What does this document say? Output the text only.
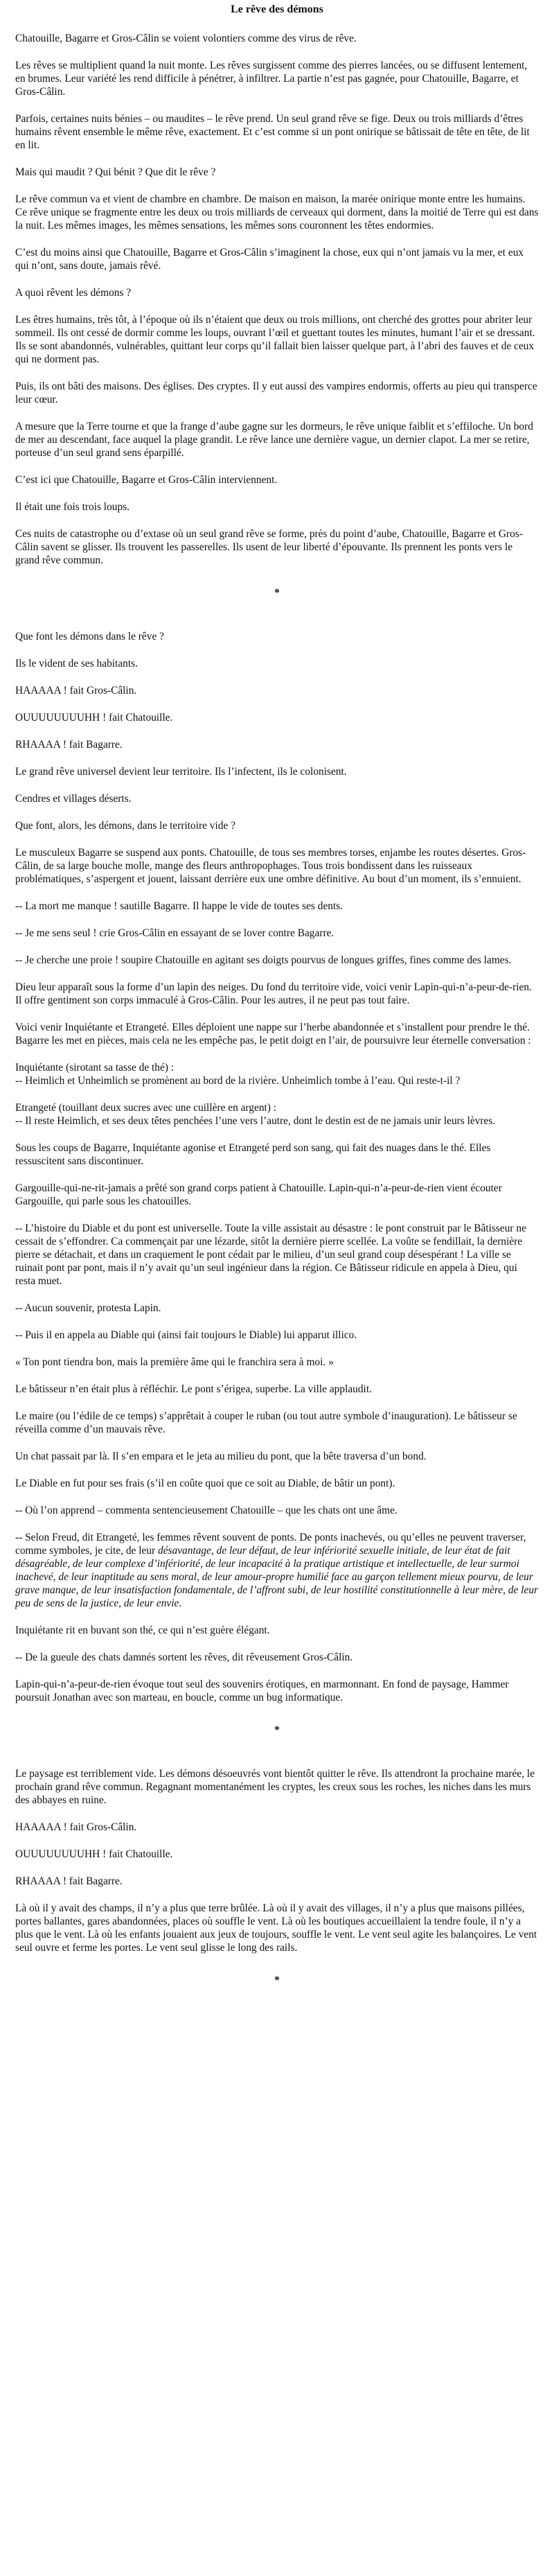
Le rêve des démons

Chatouille, Bagarre et Gros-Câlin se voient volontiers comme des virus de rêve.

Les rêves se multiplient quand la nuit monte. Les rêves surgissent comme des pierres lancées, ou se diffusent lentement, en brumes. Leur variété les rend difficile à pénétrer, à infiltrer. La partie n’est pas gagnée, pour Chatouille, Bagarre, et Gros-Câlin.

Parfois, certaines nuits bénies – ou maudites – le rêve prend. Un seul grand rêve se fige. Deux ou trois milliards d’êtres humains rêvent ensemble le même rêve, exactement. Et c’est comme si un pont onirique se bâtissait de tête en tête, de lit en lit.

Mais qui maudit ? Qui bénit ? Que dit le rêve ?

Le rêve commun va et vient de chambre en chambre. De maison en maison, la marée onirique monte entre les humains. Ce rêve unique se fragmente entre les deux ou trois milliards de cerveaux qui dorment, dans la moitié de Terre qui est dans la nuit. Les mêmes images, les mêmes sensations, les mêmes sons couronnent les têtes endormies.

C’est du moins ainsi que Chatouille, Bagarre et Gros-Câlin s’imaginent la chose, eux qui n’ont jamais vu la mer, et eux qui n’ont, sans doute, jamais rêvé.

A quoi rêvent les démons ?

Les êtres humains, très tôt, à l’époque où ils n’étaient que deux ou trois millions, ont cherché des grottes pour abriter leur sommeil. Ils ont cessé de dormir comme les loups, ouvrant l’œil et guettant toutes les minutes, humant l’air et se dressant. Ils se sont abandonnés, vulnérables, quittant leur corps qu’il fallait bien laisser quelque part, à l’abri des fauves et de ceux qui ne dorment pas.

Puis, ils ont bâti des maisons. Des églises. Des cryptes. Il y eut aussi des vampires endormis, offerts au pieu qui transperce leur cœur.

A mesure que la Terre tourne et que la frange d’aube gagne sur les dormeurs, le rêve unique faiblit et s’effiloche. Un bord de mer au descendant, face auquel la plage grandit. Le rêve lance une dernière vague, un dernier clapot. La mer se retire, porteuse d’un seul grand sens éparpillé.

C’est ici que Chatouille, Bagarre et Gros-Câlin interviennent.

Il était une fois trois loups.

Ces nuits de catastrophe ou d’extase où un seul grand rêve se forme, près du point d’aube, Chatouille, Bagarre et Gros-Câlin savent se glisser. Ils trouvent les passerelles. Ils usent de leur liberté d’épouvante. Ils prennent les ponts vers le grand rêve commun.

*

Que font les démons dans le rêve ?

Ils le vident de ses habitants.

HAAAAA ! fait Gros-Câlin.

OUUUUUUUUHH ! fait Chatouille.

RHAAAA ! fait Bagarre.

Le grand rêve universel devient leur territoire. Ils l’infectent, ils le colonisent.

Cendres et villages déserts.

Que font, alors, les démons, dans le territoire vide ?

Le musculeux Bagarre se suspend aux ponts. Chatouille, de tous ses membres torses, enjambe les routes désertes. Gros-Câlin, de sa large bouche molle, mange des fleurs anthropophages. Tous trois bondissent dans les ruisseaux problématiques, s’aspergent et jouent, laissant derrière eux une ombre définitive. Au bout d’un moment, ils s’ennuient.

-- La mort me manque ! sautille Bagarre. Il happe le vide de toutes ses dents.

-- Je me sens seul ! crie Gros-Câlin en essayant de se lover contre Bagarre.

-- Je cherche une proie ! soupire Chatouille en agitant ses doigts pourvus de longues griffes, fines comme des lames.

Dieu leur apparaît sous la forme d’un lapin des neiges. Du fond du territoire vide, voici venir Lapin-qui-n’a-peur-de-rien. Il offre gentiment son corps immaculé à Gros-Câlin. Pour les autres, il ne peut pas tout faire.

Voici venir Inquiétante et Etrangeté. Elles déploient une nappe sur l’herbe abandonnée et s’installent pour prendre le thé. Bagarre les met en pièces, mais cela ne les empêche pas, le petit doigt en l’air, de poursuivre leur éternelle conversation :

Inquiétante (sirotant sa tasse de thé) :
-- Heimlich et Unheimlich se promènent au bord de la rivière. Unheimlich tombe à l’eau. Qui reste-t-il ?

Etrangeté (touillant deux sucres avec une cuillère en argent) :
-- Il reste Heimlich, et ses deux têtes penchées l’une vers l’autre, dont le destin est de ne jamais unir leurs lèvres.

Sous les coups de Bagarre, Inquiétante agonise et Etrangeté perd son sang, qui fait des nuages dans le thé. Elles ressuscitent sans discontinuer.

Gargouille-qui-ne-rit-jamais a prêté son grand corps patient à Chatouille. Lapin-qui-n’a-peur-de-rien vient écouter Gargouille, qui parle sous les chatouilles.

-- L’histoire du Diable et du pont est universelle. Toute la ville assistait au désastre : le pont construit par le Bâtisseur ne cessait de s’effondrer. Ca commençait par une lézarde, sitôt la dernière pierre scellée. La voûte se fendillait, la dernière pierre se détachait, et dans un craquement le pont cédait par le milieu, d’un seul grand coup désespérant ! La ville se ruinait pont par pont, mais il n’y avait qu’un seul ingénieur dans la région. Ce Bâtisseur ridicule en appela à Dieu, qui resta muet.

-- Aucun souvenir, protesta Lapin.

-- Puis il en appela au Diable qui (ainsi fait toujours le Diable) lui apparut illico.

« Ton pont tiendra bon, mais la première âme qui le franchira sera à moi. »

Le bâtisseur n’en était plus à réfléchir. Le pont s’érigea, superbe. La ville applaudit.

Le maire (ou l’édile de ce temps) s’apprêtait à couper le ruban (ou tout autre symbole d’inauguration). Le bâtisseur se réveilla comme d’un mauvais rêve.

Un chat passait par là. Il s’en empara et le jeta au milieu du pont, que la bête traversa d’un bond.

Le Diable en fut pour ses frais (s’il en coûte quoi que ce soit au Diable, de bâtir un pont).

-- Où l’on apprend – commenta sentencieusement Chatouille – que les chats ont une âme.

-- Selon Freud, dit Etrangeté, les femmes rêvent souvent de ponts. De ponts inachevés, ou qu’elles ne peuvent traverser, comme symboles, je cite, de leur désavantage, de leur défaut, de leur infériorité sexuelle initiale, de leur état de fait désagréable, de leur complexe d’infériorité, de leur incapacité à la pratique artistique et intellectuelle, de leur surmoi inachevé, de leur inaptitude au sens moral, de leur amour-propre humilié face au garçon tellement mieux pourvu, de leur grave manque, de leur insatisfaction fondamentale, de l’affront subi, de leur hostilité constitutionnelle à leur mère, de leur peu de sens de la justice, de leur envie.

Inquiétante rit en buvant son thé, ce qui n’est guère élégant.

-- De la gueule des chats damnés sortent les rêves, dit rêveusement Gros-Câlin.

Lapin-qui-n’a-peur-de-rien évoque tout seul des souvenirs érotiques, en marmonnant. En fond de paysage, Hammer poursuit Jonathan avec son marteau, en boucle, comme un bug informatique.

*

Le paysage est terriblement vide. Les démons désoeuvrés vont bientôt quitter le rêve. Ils attendront la prochaine marée, le prochain grand rêve commun. Regagnant momentanément les cryptes, les creux sous les roches, les niches dans les murs des abbayes en ruine.

HAAAAA ! fait Gros-Câlin.

OUUUUUUUUHH ! fait Chatouille.

RHAAAA ! fait Bagarre.

Là où il y avait des champs, il n’y a plus que terre brûlée. Là où il y avait des villages, il n’y a plus que maisons pillées, portes ballantes, gares abandonnées, places où souffle le vent. Là où les boutiques accueillaient la tendre foule, il n’y a plus que le vent. Là où les enfants jouaient aux jeux de toujours, souffle le vent. Le vent seul agite les balançoires. Le vent seul ouvre et ferme les portes. Le vent seul glisse le long des rails.

*
